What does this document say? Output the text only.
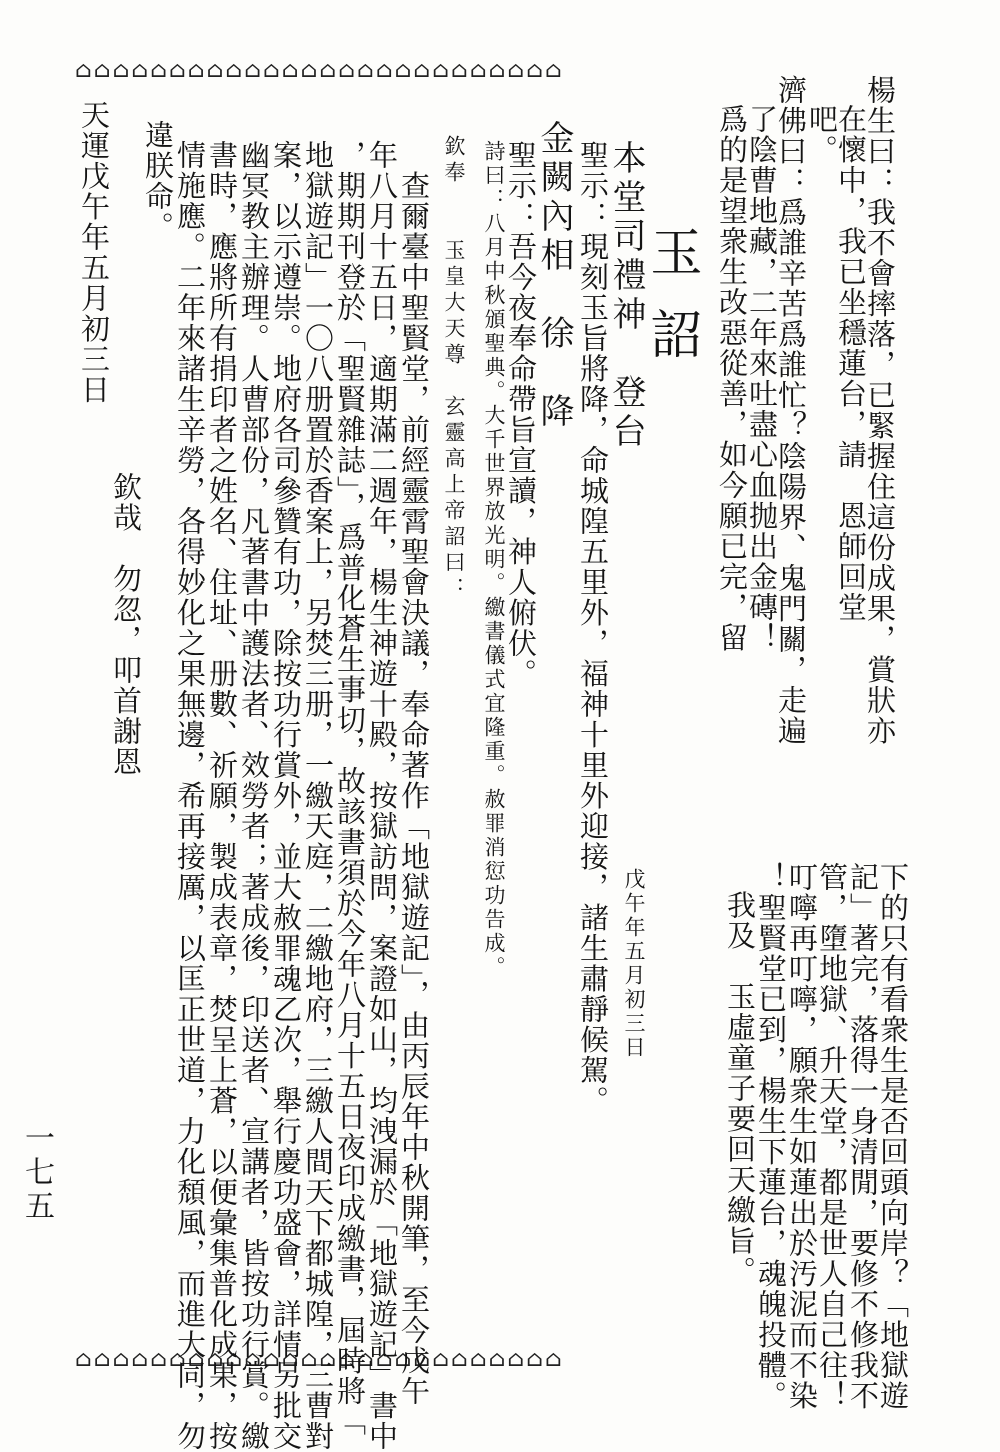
⌂⌂⌂⌂⌂⌂⌂⌂⌂⌂⌂⌂⌂⌂⌂⌂⌂⌂⌂⌂⌂⌂⌂⌂⌂⌂
⌂⌂⌂⌂⌂⌂⌂⌂⌂⌂⌂⌂⌂⌂⌂⌂⌂⌂⌂⌂⌂⌂⌂⌂⌂⌂
楊生曰：我不會摔落，已緊握住這份成果，賞狀亦
在懷中，我已坐穩蓮台，請　恩師回堂
吧。
濟佛曰：爲誰辛苦爲誰忙？陰陽界、鬼門關，走遍
了陰曹地藏，二年來吐盡心血抛出金磚！
爲的是望衆生改惡從善，如今願已完，留
下的只有看衆生是否回頭向岸？「地獄遊
記」著完，落得一身清閒，要修不修我不
管，墮地獄、升天堂，都是世人自己往！
叮嚀再叮嚀，願衆生如蓮出於汚泥而不染
！聖賢堂已到，楊生下蓮台，魂魄投體。
我及　玉虛童子要回天繳旨。
玉詔
本堂司禮神　登台
戊午年五月初三日
聖示：現刻玉旨將降，命城隍五里外，福神十里外迎接，諸生肅靜候駕。
金闕內相　徐　降
聖示：吾今夜奉命帶旨宣讀，神人俯伏。
詩曰：八月中秋頒聖典。大千世界放光明。繳書儀式宜隆重。赦罪消愆功告成。
欽奉　　玉皇大天尊　玄靈高上帝詔曰：
　查爾臺中聖賢堂，前經靈霄聖會決議，奉命著作「地獄遊記」，由丙辰年中秋開筆，至今戊午
年八月十五日，適期滿二週年，楊生神遊十殿，按獄訪問，案證如山，均洩漏於「地獄遊記」書中
，期期刊登於「聖賢雜誌」，爲普化蒼生事切，故該書須於今年八月十五日夜印成繳書，屆時將「
地獄遊記」一〇八册置於香案上，另焚三册，一繳天庭，二繳地府，三繳人間天下都城隍，三曹對
案，以示遵崇。地府各司參贊有功，除按功行賞外，並大赦罪魂乙次，舉行慶功盛會，詳情另批交
幽冥教主辦理。人曹部份，凡著書中護法者、效勞者；著成後，印送者、宣講者，皆按功行賞。繳
書時，應將所有捐印者之姓名、住址、册數、祈願，製成表章，焚呈上蒼，以便彙集普化成果，按
情施應。二年來諸生辛勞，各得妙化之果無邊，希再接厲，以匡正世道，力化頹風，而進大同，勿
違朕命。
欽哉　勿忽，叩首謝恩
天運戊午年五月初三日
一七五
